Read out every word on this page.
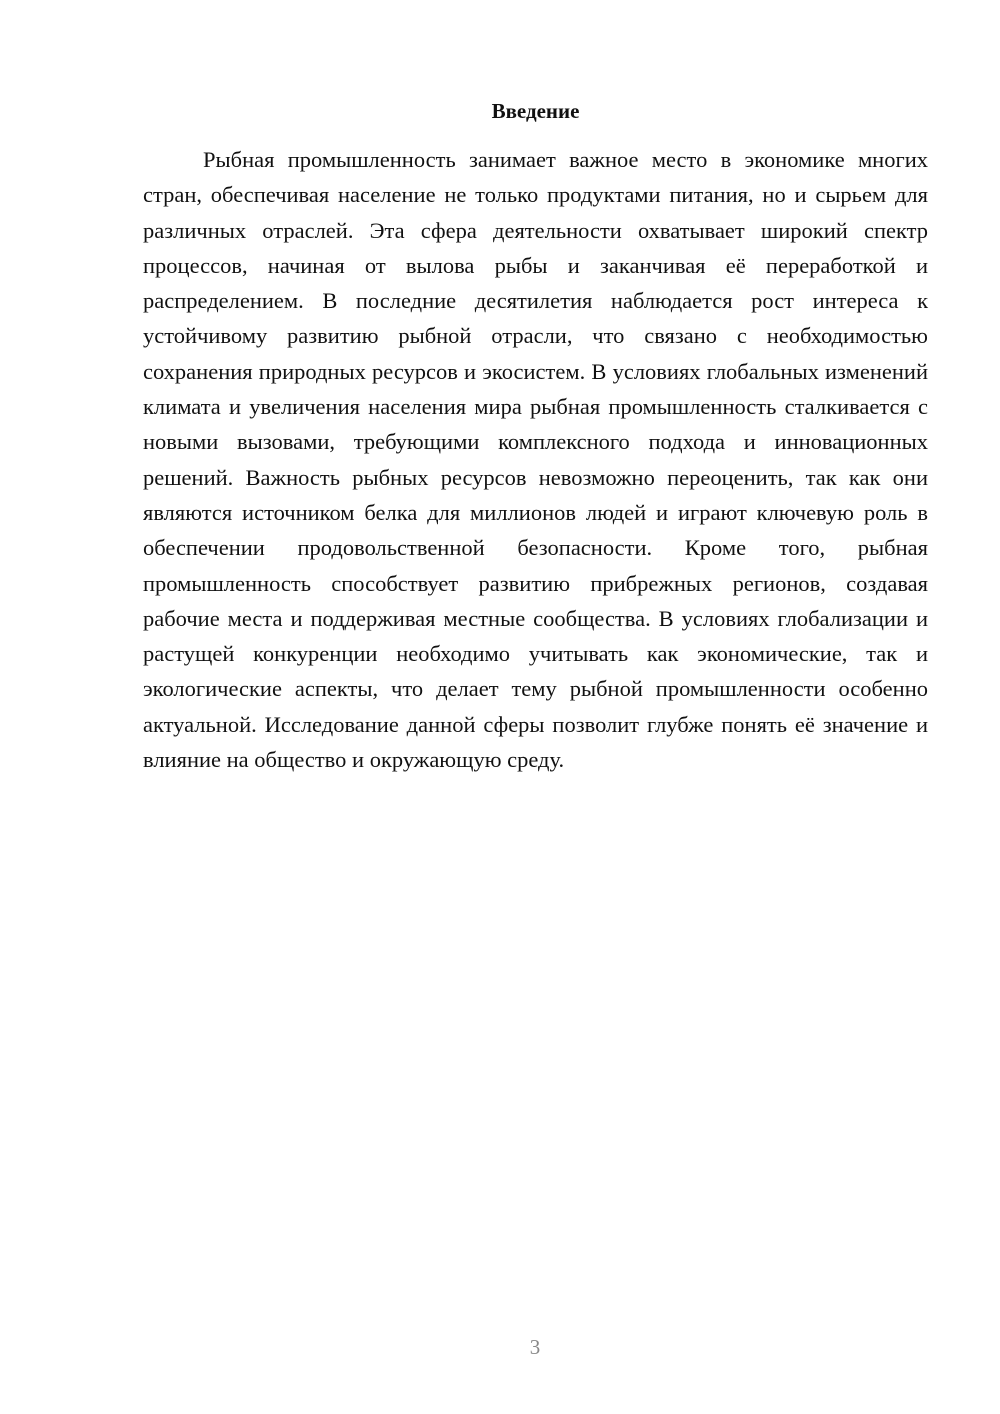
Введение

Рыбная промышленность занимает важное место в экономике многих стран, обеспечивая население не только продуктами питания, но и сырьем для различных отраслей. Эта сфера деятельности охватывает широкий спектр процессов, начиная от вылова рыбы и заканчивая её переработкой и распределением. В последние десятилетия наблюдается рост интереса к устойчивому развитию рыбной отрасли, что связано с необходимостью сохранения природных ресурсов и экосистем. В условиях глобальных изменений климата и увеличения населения мира рыбная промышленность сталкивается с новыми вызовами, требующими комплексного подхода и инновационных решений. Важность рыбных ресурсов невозможно переоценить, так как они являются источником белка для миллионов людей и играют ключевую роль в обеспечении продовольственной безопасности. Кроме того, рыбная промышленность способствует развитию прибрежных регионов, создавая рабочие места и поддерживая местные сообщества. В условиях глобализации и растущей конкуренции необходимо учитывать как экономические, так и экологические аспекты, что делает тему рыбной промышленности особенно актуальной. Исследование данной сферы позволит глубже понять её значение и влияние на общество и окружающую среду.

3
